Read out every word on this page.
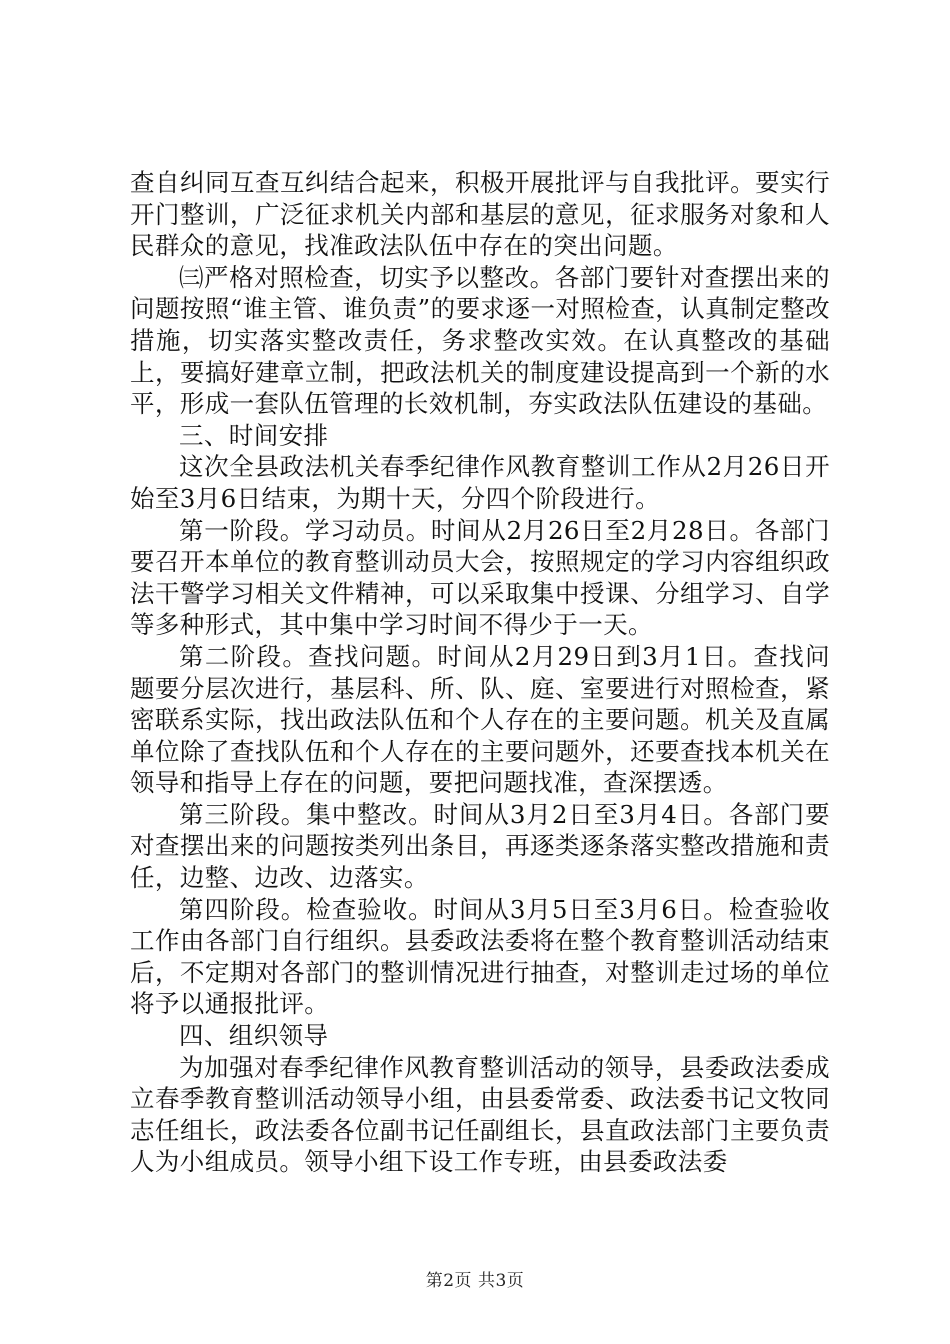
查自纠同互查互纠结合起来，积极开展批评与自我批评。要实行开门整训，广泛征求机关内部和基层的意见，征求服务对象和人民群众的意见，找准政法队伍中存在的突出问题。

㈢严格对照检查，切实予以整改。各部门要针对查摆出来的问题按照“谁主管、谁负责”的要求逐一对照检查，认真制定整改措施，切实落实整改责任，务求整改实效。在认真整改的基础上，要搞好建章立制，把政法机关的制度建设提高到一个新的水平，形成一套队伍管理的长效机制，夯实政法队伍建设的基础。

三、时间安排

这次全县政法机关春季纪律作风教育整训工作从2月26日开始至3月6日结束，为期十天，分四个阶段进行。

第一阶段。学习动员。时间从2月26日至2月28日。各部门要召开本单位的教育整训动员大会，按照规定的学习内容组织政法干警学习相关文件精神，可以采取集中授课、分组学习、自学等多种形式，其中集中学习时间不得少于一天。

第二阶段。查找问题。时间从2月29日到3月1日。查找问题要分层次进行，基层科、所、队、庭、室要进行对照检查，紧密联系实际，找出政法队伍和个人存在的主要问题。机关及直属单位除了查找队伍和个人存在的主要问题外，还要查找本机关在领导和指导上存在的问题，要把问题找准，查深摆透。

第三阶段。集中整改。时间从3月2日至3月4日。各部门要对查摆出来的问题按类列出条目，再逐类逐条落实整改措施和责任，边整、边改、边落实。

第四阶段。检查验收。时间从3月5日至3月6日。检查验收工作由各部门自行组织。县委政法委将在整个教育整训活动结束后，不定期对各部门的整训情况进行抽查，对整训走过场的单位将予以通报批评。

四、组织领导

为加强对春季纪律作风教育整训活动的领导，县委政法委成立春季教育整训活动领导小组，由县委常委、政法委书记文牧同志任组长，政法委各位副书记任副组长，县直政法部门主要负责人为小组成员。领导小组下设工作专班，由县委政法委

第2页 共3页
